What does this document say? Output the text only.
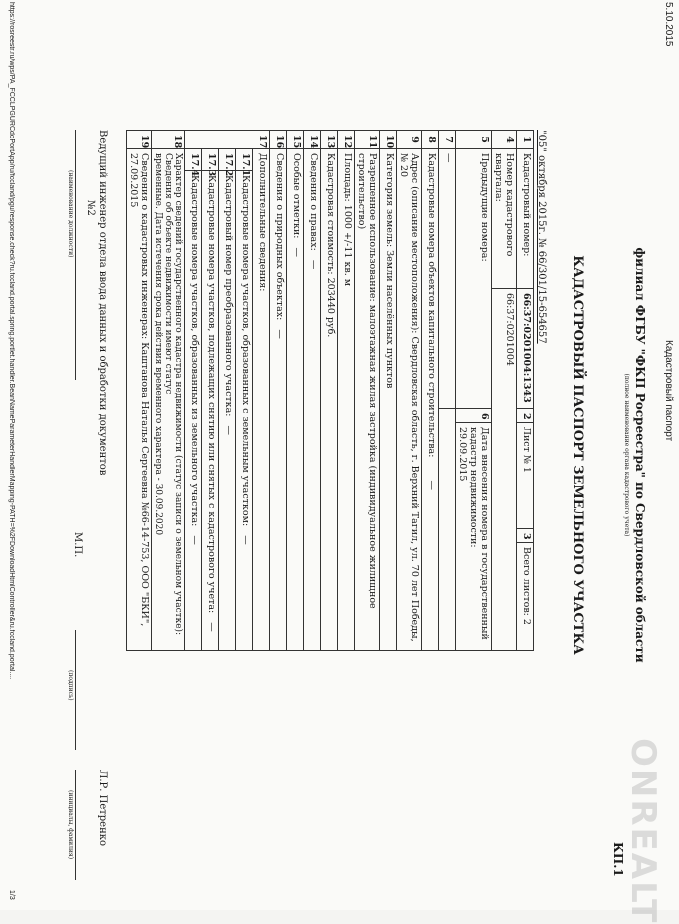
5.10.2015
Кадастровый паспорт
ONREALT
КП.1
филиал ФГБУ "ФКП Росреестра" по Свердловской области
(полное наименование органа кадастрового учета)
КАДАСТРОВЫЙ ПАСПОРТ ЗЕМЕЛЬНОГО УЧАСТКА
"05" октября 2015г. № 66/301/15-654657
1	Кадастровый номер:		66:37:0201004:1343	2	Лист № 1	3	Всего листов: 2
4	Номер кадастрового квартала:		66:37:0201004				
5	Предыдущие номера:			6	Дата внесения номера в государственный кадастр недвижимости:
29.09.2015		

7	—						
8	Кадастровые номера объектов капитального строительства: —						
9	Адрес (описание местоположения): Свердловская область, г. Верхний Тагил, ул. 70 лет Победы, № 20						
10	Категория земель: Земли населённых пунктов						
11	Разрешенное использование: малоэтажная жилая застройка (индивидуальное жилищное строительство)						
12	Площадь: 1000 +/-11 кв. м						
13	Кадастровая стоимость: 203440 руб.						
14	Сведения о правах: —						
15	Особые отметки: —						
16	Сведения о природных объектах: —						
17	Дополнительные сведения:						
	17.1	Кадастровые номера участков, образованных с земельным участком: —					
	17.2	Кадастровый номер преобразованного участка: —					
	17.3	Кадастровые номера участков, подлежащих снятию или снятых с кадастрового учета: —					
	17.4	Кадастровые номера участков, образованных из земельного участка: —					
18	Характер сведений государственного кадастра недвижимости (статус записи о земельном участке): Сведения об объекте недвижимости имеют статус
временные. Дата истечения срока действия временного характера - 30.09.2020						

19	Сведения о кадастровых инженерах: Каштанова Наталья Сергеевна №66-14-753, ООО "БКИ", 27.09.2015						
Ведущий инженер отдела ввода данных и обработки документов
№2
(наименование должности)
М.П.
(подпись)
Л.Р. Петренко
(инициалы, фамилия)
https://rosreestr.ru/wps/PA_FCCLPGURCdcPortApp/ru/fccland/pgu/response.check?ru.fccland.portal.spring.portlet.handler.BeanNameParameterHandlerMapping-PATH=%2FDownloadHtmlController&ru.fccland.portal....
1/3
